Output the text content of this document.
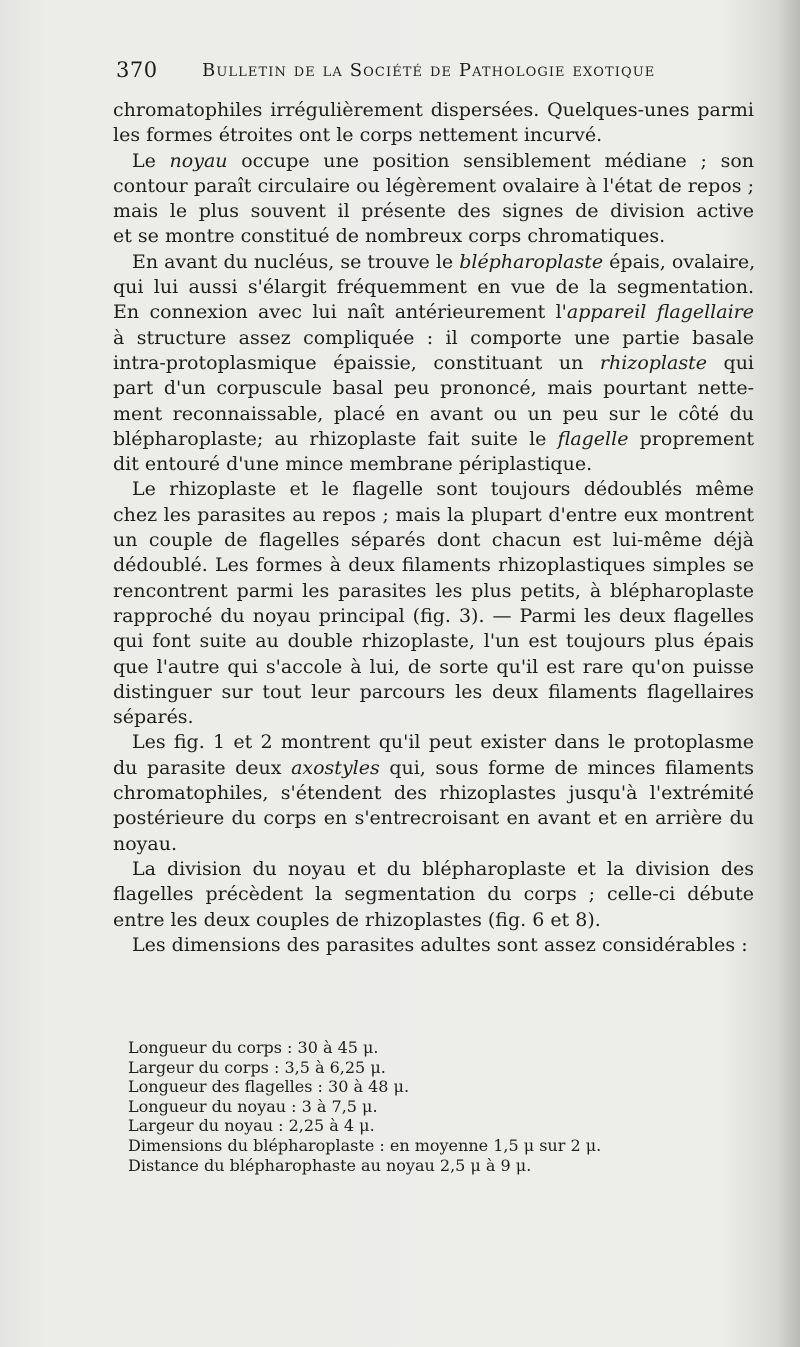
370 Bulletin de la Société de Pathologie exotique
chromatophiles irrégulièrement dispersées. Quelques-unes parmi
les formes étroites ont le corps nettement incurvé.
Le noyau occupe une position sensiblement médiane ; son
contour paraît circulaire ou légèrement ovalaire à l'état de repos ;
mais le plus souvent il présente des signes de division active
et se montre constitué de nombreux corps chromatiques.
En avant du nucléus, se trouve le blépharoplaste épais, ovalaire,
qui lui aussi s'élargit fréquemment en vue de la segmentation.
En connexion avec lui naît antérieurement l'appareil flagellaire
à structure assez compliquée : il comporte une partie basale
intra-protoplasmique épaissie, constituant un rhizoplaste qui
part d'un corpuscule basal peu prononcé, mais pourtant nette-
ment reconnaissable, placé en avant ou un peu sur le côté du
blépharoplaste; au rhizoplaste fait suite le flagelle proprement
dit entouré d'une mince membrane périplastique.
Le rhizoplaste et le flagelle sont toujours dédoublés même
chez les parasites au repos ; mais la plupart d'entre eux montrent
un couple de flagelles séparés dont chacun est lui-même déjà
dédoublé. Les formes à deux filaments rhizoplastiques simples se
rencontrent parmi les parasites les plus petits, à blépharoplaste
rapproché du noyau principal (fig. 3). — Parmi les deux flagelles
qui font suite au double rhizoplaste, l'un est toujours plus épais
que l'autre qui s'accole à lui, de sorte qu'il est rare qu'on puisse
distinguer sur tout leur parcours les deux filaments flagellaires
séparés.
Les fig. 1 et 2 montrent qu'il peut exister dans le protoplasme
du parasite deux axostyles qui, sous forme de minces filaments
chromatophiles, s'étendent des rhizoplastes jusqu'à l'extrémité
postérieure du corps en s'entrecroisant en avant et en arrière du
noyau.
La division du noyau et du blépharoplaste et la division des
flagelles précèdent la segmentation du corps ; celle-ci débute
entre les deux couples de rhizoplastes (fig. 6 et 8).
Les dimensions des parasites adultes sont assez considérables :
Longueur du corps : 30 à 45 μ.
Largeur du corps : 3,5 à 6,25 μ.
Longueur des flagelles : 30 à 48 μ.
Longueur du noyau : 3 à 7,5 μ.
Largeur du noyau : 2,25 à 4 μ.
Dimensions du blépharoplaste : en moyenne 1,5 μ sur 2 μ.
Distance du blépharophaste au noyau 2,5 μ à 9 μ.
